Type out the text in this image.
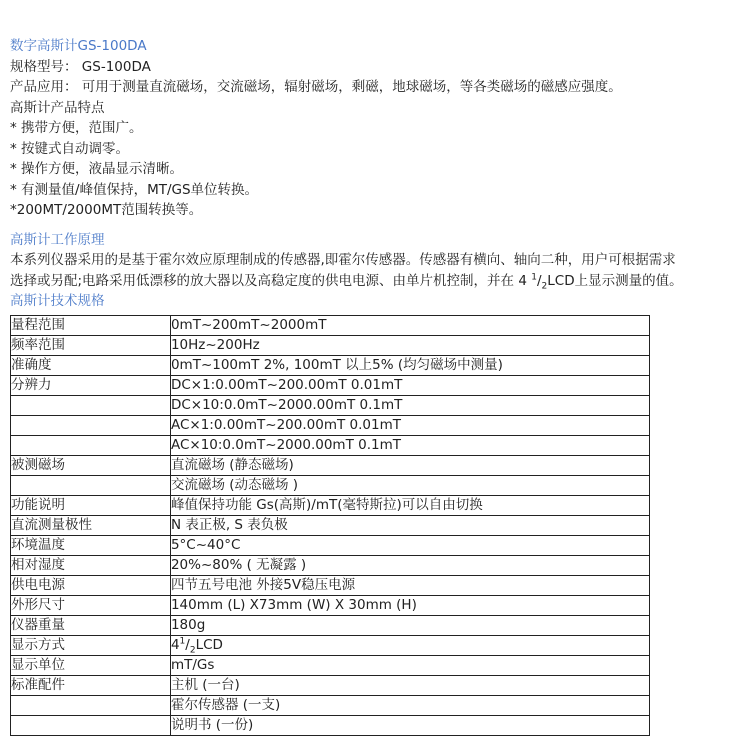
数字高斯计GS-100DA
规格型号： GS-100DA
产品应用： 可用于测量直流磁场，交流磁场，辐射磁场，剩磁，地球磁场，等各类磁场的磁感应强度。
高斯计产品特点
* 携带方便，范围广。
* 按键式自动调零。
* 操作方便，液晶显示清晰。
* 有测量值/峰值保持，MT/GS单位转换。
*200MT/2000MT范围转换等。
高斯计工作原理
本系列仪器采用的是基于霍尔效应原理制成的传感器,即霍尔传感器。传感器有横向、轴向二种，用户可根据需求
选择或另配;电路采用低漂移的放大器以及高稳定度的供电电源、由单片机控制，并在 4 $^1/_2LCD$上显示测量的值。
高斯计技术规格
量程范围	0mT~200mT~2000mT
频率范围	10Hz~200Hz
准确度	0mT~100mT 2%, 100mT 以上5% (均匀磁场中测量)
分辨力	DC×1:0.00mT~200.00mT 0.01mT
	DC×10:0.0mT~2000.00mT 0.1mT
	AC×1:0.00mT~200.00mT 0.01mT
	AC×10:0.0mT~2000.00mT 0.1mT
被测磁场	直流磁场 (静态磁场)
	交流磁场 (动态磁场 )
功能说明	峰值保持功能 Gs(高斯)/mT(毫特斯拉)可以自由切换
直流测量极性	N 表正极, S 表负极
环境温度	5°C~40°C
相对湿度	20%~80% ( 无凝露 )
供电电源	四节五号电池 外接5V稳压电源
外形尺寸	140mm (L) X73mm (W) X 30mm (H)
仪器重量	180g
显示方式	$4^1/_2LCD$
显示单位	mT/Gs
标准配件	主机 (一台)
	霍尔传感器 (一支)
	说明书 (一份)
